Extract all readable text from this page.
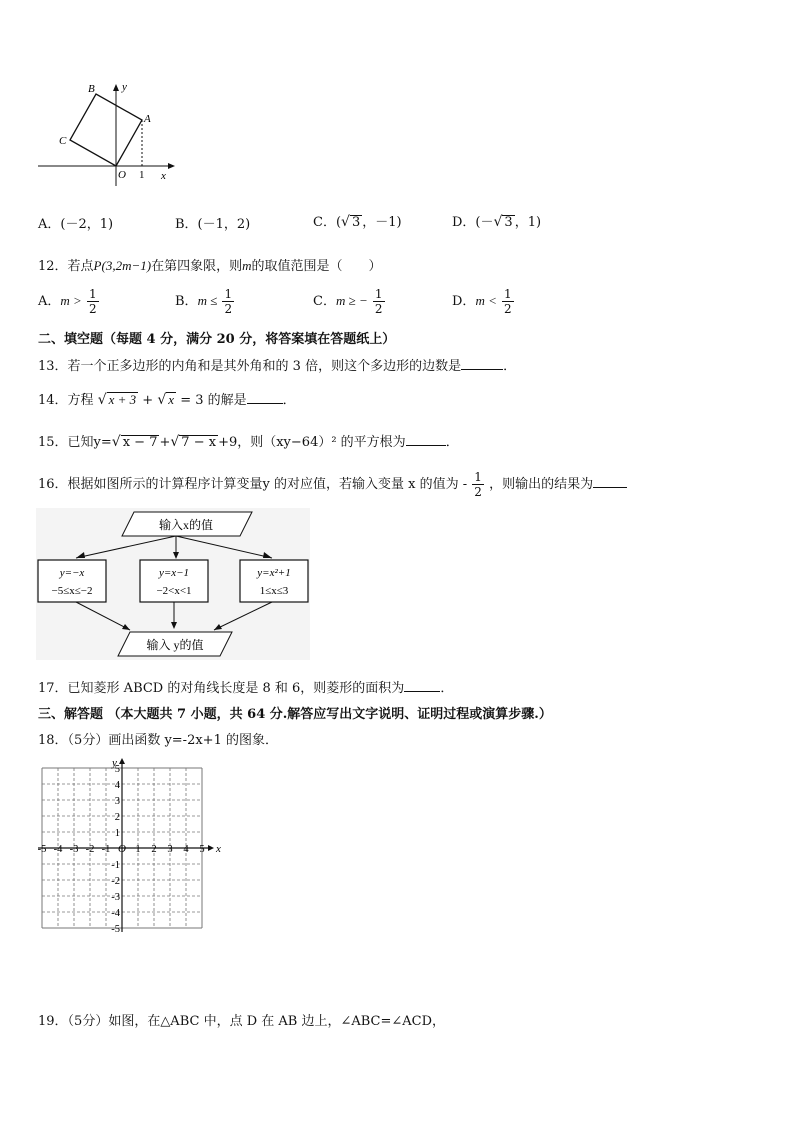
B y
A
C
O 1 x
A．(－2，1)	B．(－1，2)	C．(√ 3 ，－1)	D．(－√ 3 ，1)
12．若点P(3,2m−1)在第四象限，则m的取值范围是（　　）
A．$m > \frac{1}{2}$	B．$m \le \frac{1}{2}$	C．m ≥ − $\frac{1}{2}$	D．$m < \frac{1}{2}$
二、填空题（每题 4 分，满分 20 分，将答案填在答题纸上）
13．若一个正多边形的内角和是其外角和的 3 倍，则这个多边形的边数是	．
14．方程 √ x + 3 + √ x = 3 的解是	．
15．已知y=√ x − 7 +√ 7 − x +9，则（xy−64）² 的平方根为	．
16．根据如图所示的计算程序计算变量y 的对应值，若输入变量 x 的值为 - $\frac{1}{2}$ ，则输出的结果为
输入x的值
y=−x
−5≤x≤−2
y=x−1
−2<x<1
y=x²+1
1≤x≤3
输入 y的值
17．已知菱形 ABCD 的对角线长度是 8 和 6，则菱形的面积为	．
三、解答题 （本大题共 7 小题，共 64 分.解答应写出文字说明、证明过程或演算步骤.）
18．（5分）画出函数 y=-2x+1 的图象．
x
y
O
-5 -4 -3 -2 -1 1 2 3 4 5
5
4
3
2
1
-1
-2
-3
-4
-5
19．（5分）如图，在△ABC 中，点 D 在 AB 边上，∠ABC=∠ACD，
